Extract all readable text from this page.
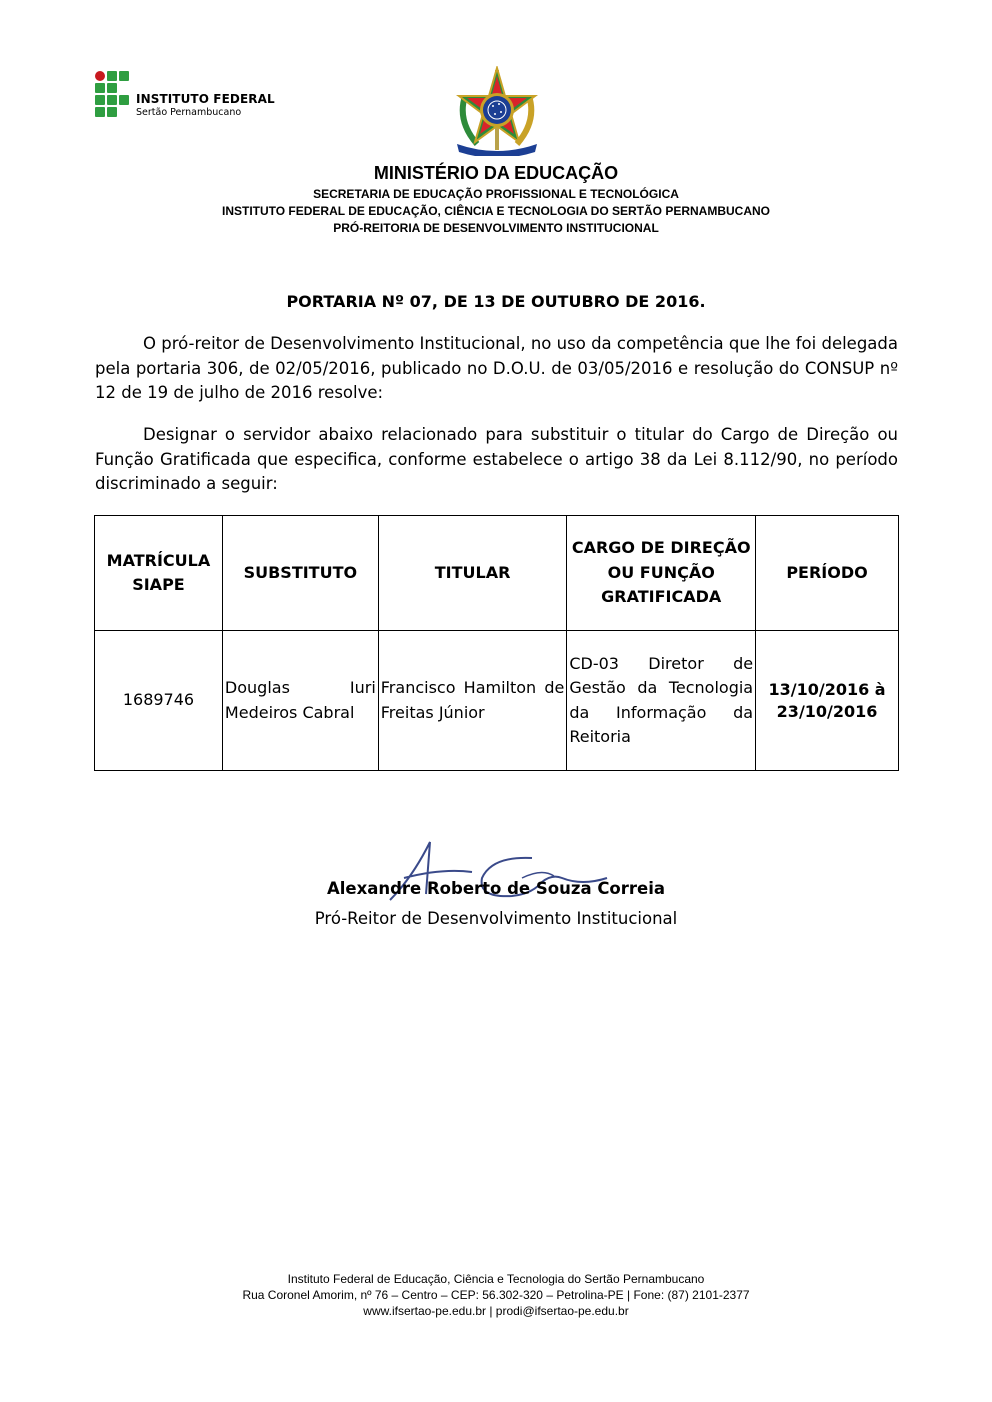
INSTITUTO FEDERAL
Sertão Pernambucano
MINISTÉRIO DA EDUCAÇÃO
SECRETARIA DE EDUCAÇÃO PROFISSIONAL E TECNOLÓGICA
INSTITUTO FEDERAL DE EDUCAÇÃO, CIÊNCIA E TECNOLOGIA DO SERTÃO PERNAMBUCANO
PRÓ-REITORIA DE DESENVOLVIMENTO INSTITUCIONAL
PORTARIA Nº 07, DE 13 DE OUTUBRO DE 2016.

O pró-reitor de Desenvolvimento Institucional, no uso da competência que lhe foi delegada pela portaria 306, de 02/05/2016, publicado no D.O.U. de 03/05/2016 e resolução do CONSUP nº 12 de 19 de julho de 2016 resolve:

Designar o servidor abaixo relacionado para substituir o titular do Cargo de Direção ou Função Gratificada que especifica, conforme estabelece o artigo 38 da Lei 8.112/90, no período discriminado a seguir:

MATRÍCULA SIAPE	SUBSTITUTO	TITULAR	CARGO DE DIREÇÃO OU FUNÇÃO GRATIFICADA	PERÍODO
1689746	Douglas Iuri Medeiros Cabral	Francisco Hamilton de Freitas Júnior	CD-03 Diretor de Gestão da Tecnologia da Informação da Reitoria	13/10/2016 à 23/10/2016
Alexandre Roberto de Souza Correia
Pró-Reitor de Desenvolvimento Institucional
Instituto Federal de Educação, Ciência e Tecnologia do Sertão Pernambucano
Rua Coronel Amorim, nº 76 – Centro – CEP: 56.302-320 – Petrolina-PE | Fone: (87) 2101-2377
www.ifsertao-pe.edu.br | prodi@ifsertao-pe.edu.br
